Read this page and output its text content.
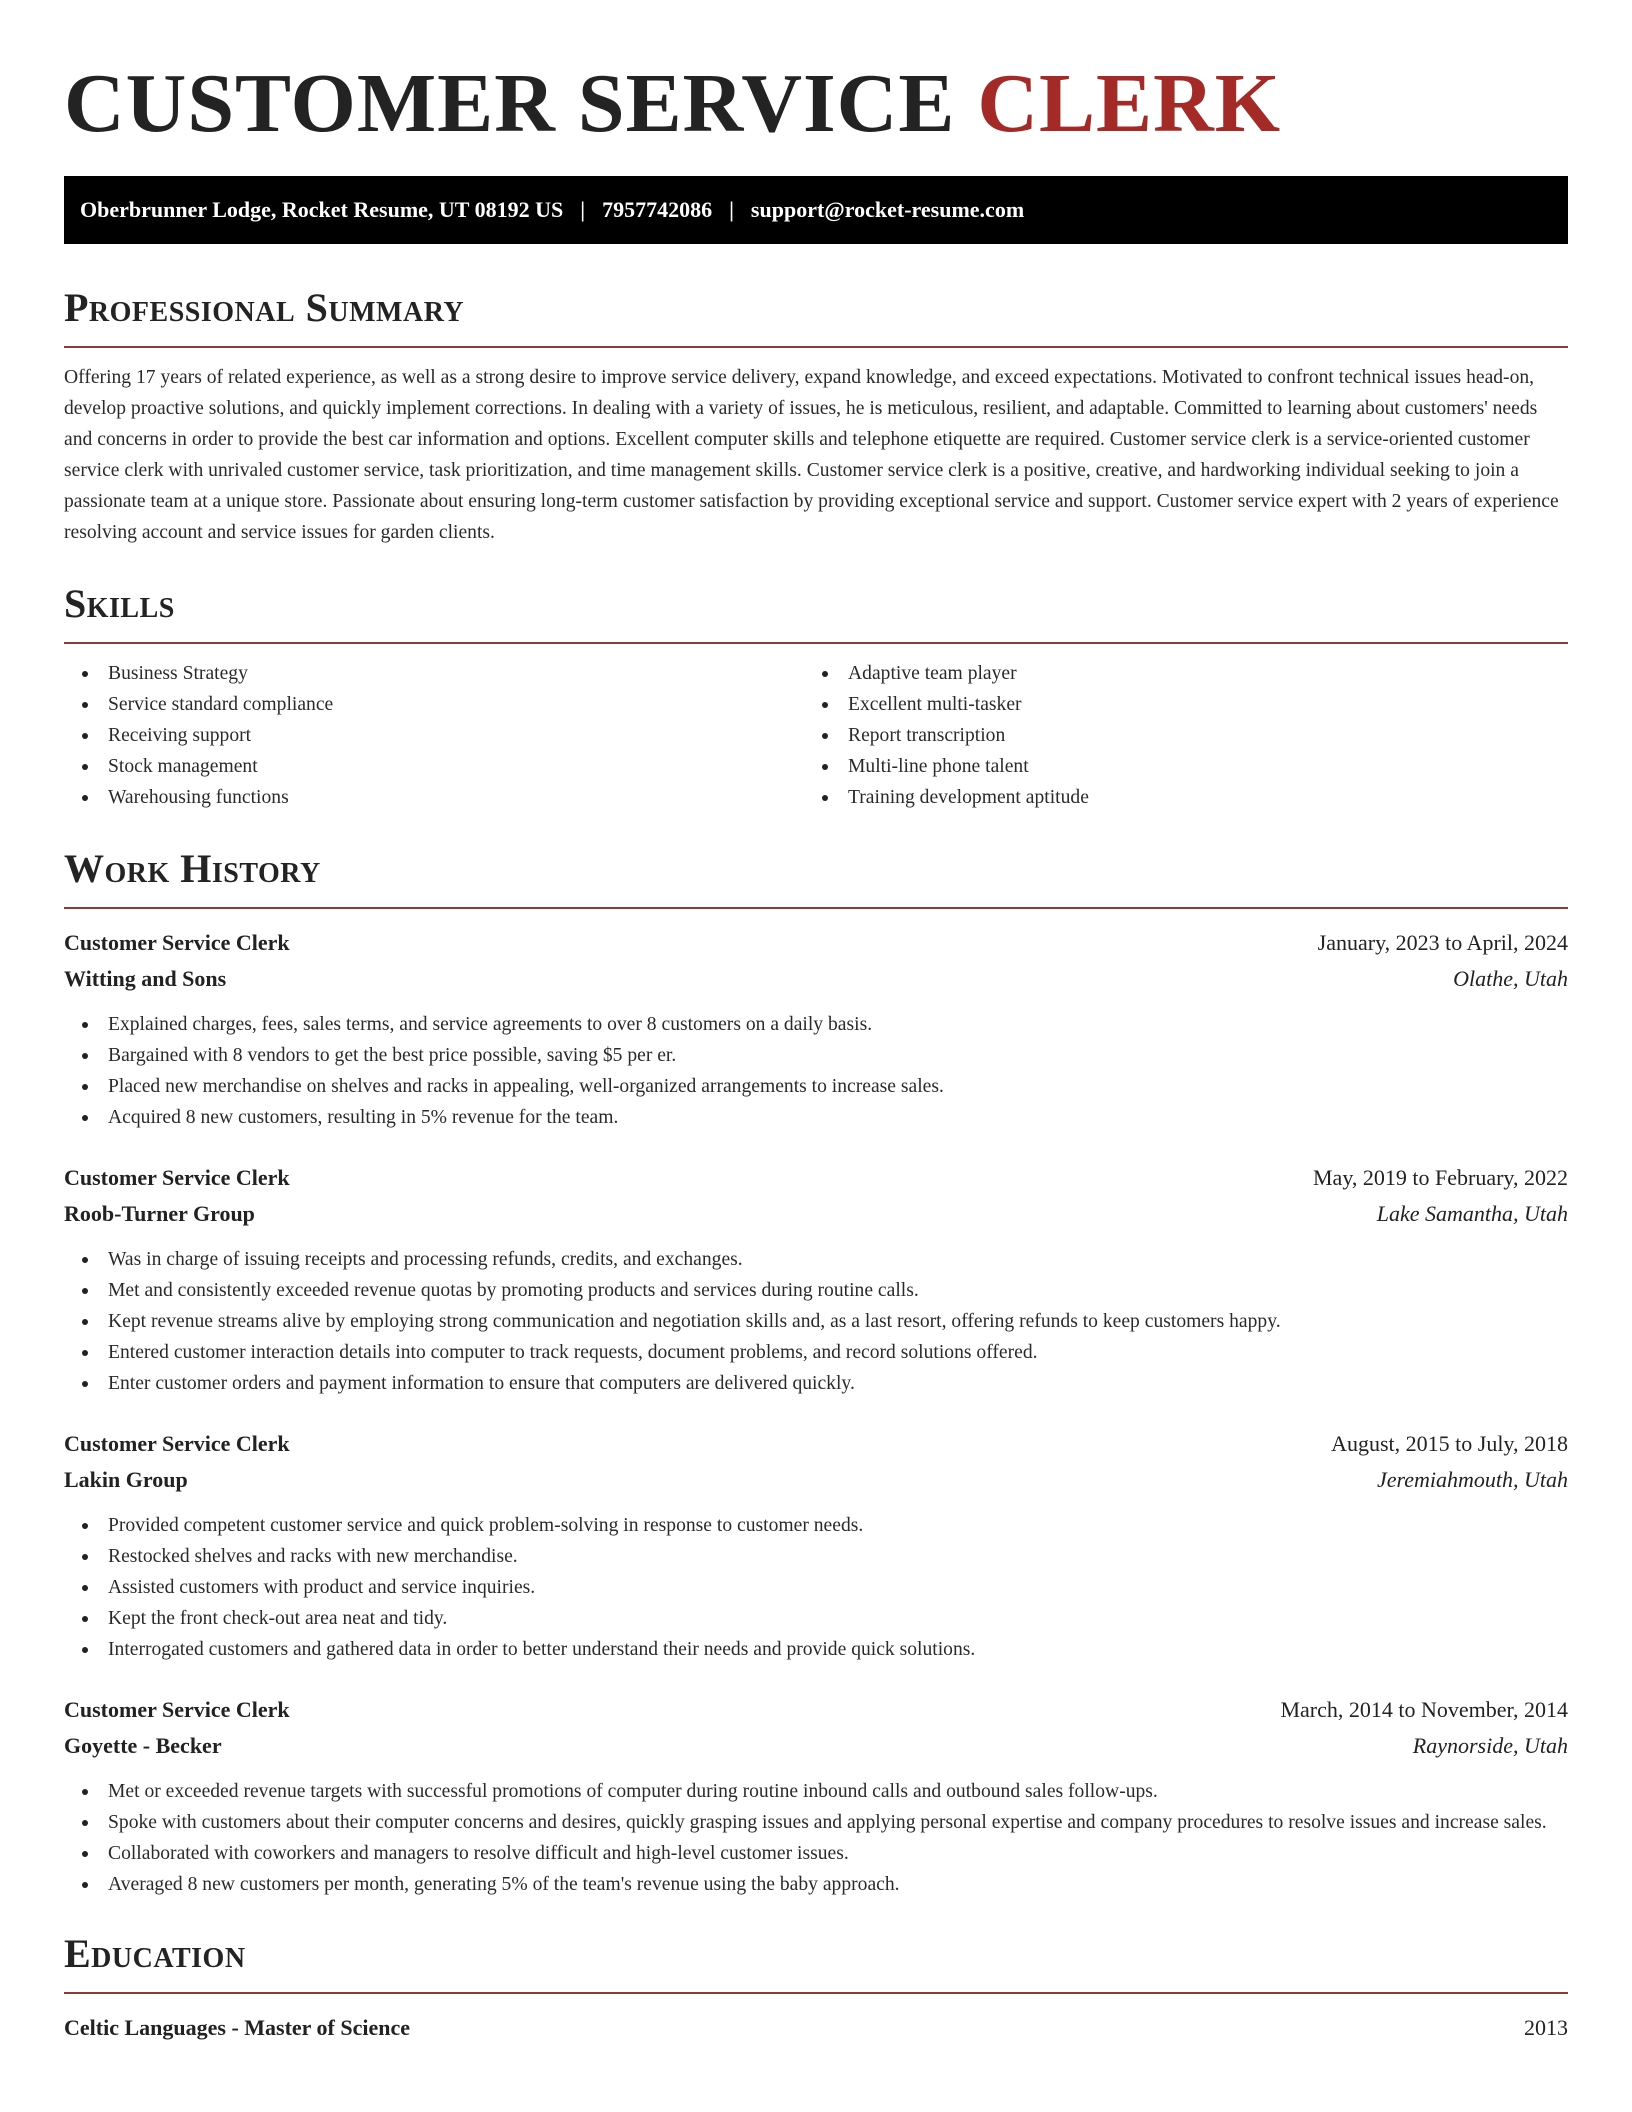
CUSTOMER SERVICE CLERK
Oberbrunner Lodge, Rocket Resume, UT 08192 US | 7957742086 | support@rocket-resume.com
Professional Summary

Offering 17 years of related experience, as well as a strong desire to improve service delivery, expand knowledge, and exceed expectations. Motivated to confront technical issues head-on, develop proactive solutions, and quickly implement corrections. In dealing with a variety of issues, he is meticulous, resilient, and adaptable. Committed to learning about customers' needs and concerns in order to provide the best car information and options. Excellent computer skills and telephone etiquette are required. Customer service clerk is a service-oriented customer service clerk with unrivaled customer service, task prioritization, and time management skills. Customer service clerk is a positive, creative, and hardworking individual seeking to join a passionate team at a unique store. Passionate about ensuring long-term customer satisfaction by providing exceptional service and support. Customer service expert with 2 years of experience resolving account and service issues for garden clients.

Skills
Business Strategy
Service standard compliance
Receiving support
Stock management
Warehousing functions
Adaptive team player
Excellent multi-tasker
Report transcription
Multi-line phone talent
Training development aptitude
Work History
Customer Service Clerk	January, 2023 to April, 2024
Witting and Sons	Olathe, Utah
Explained charges, fees, sales terms, and service agreements to over 8 customers on a daily basis.
Bargained with 8 vendors to get the best price possible, saving $5 per er.
Placed new merchandise on shelves and racks in appealing, well-organized arrangements to increase sales.
Acquired 8 new customers, resulting in 5% revenue for the team.
Customer Service Clerk	May, 2019 to February, 2022
Roob-Turner Group	Lake Samantha, Utah
Was in charge of issuing receipts and processing refunds, credits, and exchanges.
Met and consistently exceeded revenue quotas by promoting products and services during routine calls.
Kept revenue streams alive by employing strong communication and negotiation skills and, as a last resort, offering refunds to keep customers happy.
Entered customer interaction details into computer to track requests, document problems, and record solutions offered.
Enter customer orders and payment information to ensure that computers are delivered quickly.
Customer Service Clerk	August, 2015 to July, 2018
Lakin Group	Jeremiahmouth, Utah
Provided competent customer service and quick problem-solving in response to customer needs.
Restocked shelves and racks with new merchandise.
Assisted customers with product and service inquiries.
Kept the front check-out area neat and tidy.
Interrogated customers and gathered data in order to better understand their needs and provide quick solutions.
Customer Service Clerk	March, 2014 to November, 2014
Goyette - Becker	Raynorside, Utah
Met or exceeded revenue targets with successful promotions of computer during routine inbound calls and outbound sales follow-ups.
Spoke with customers about their computer concerns and desires, quickly grasping issues and applying personal expertise and company procedures to resolve issues and increase sales.
Collaborated with coworkers and managers to resolve difficult and high-level customer issues.
Averaged 8 new customers per month, generating 5% of the team's revenue using the baby approach.
Education
Celtic Languages - Master of Science	2013
